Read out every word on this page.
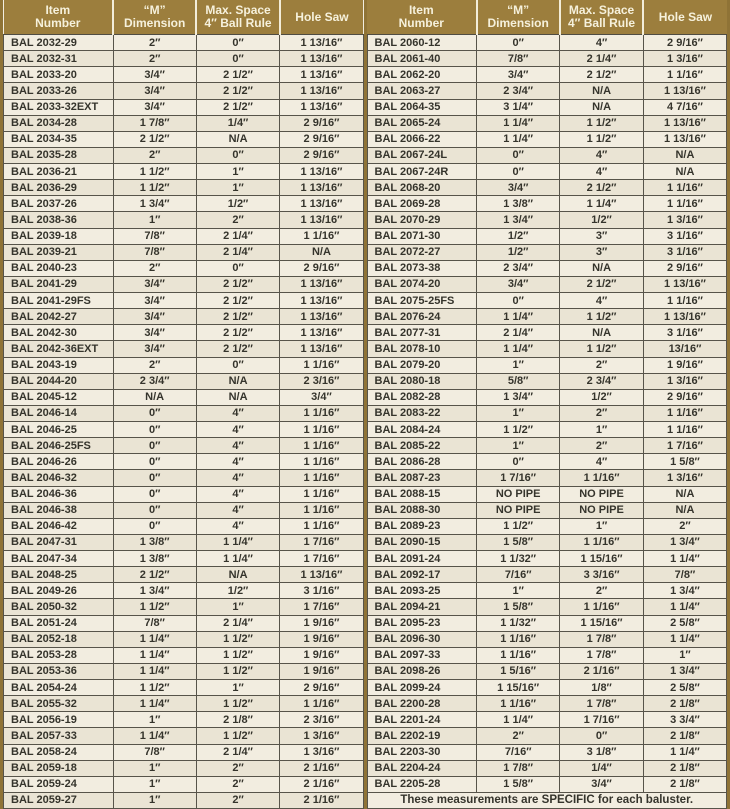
Item Number	“M” Dimension	Max. Space 4″ Ball Rule	Hole Saw
BAL 2032-29	2″	0″	1 13/16″
BAL 2032-31	2″	0″	1 13/16″
BAL 2033-20	3/4″	2 1/2″	1 13/16″
BAL 2033-26	3/4″	2 1/2″	1 13/16″
BAL 2033-32EXT	3/4″	2 1/2″	1 13/16″
BAL 2034-28	1 7/8″	1/4″	2 9/16″
BAL 2034-35	2 1/2″	N/A	2 9/16″
BAL 2035-28	2″	0″	2 9/16″
BAL 2036-21	1 1/2″	1″	1 13/16″
BAL 2036-29	1 1/2″	1″	1 13/16″
BAL 2037-26	1 3/4″	1/2″	1 13/16″
BAL 2038-36	1″	2″	1 13/16″
BAL 2039-18	7/8″	2 1/4″	1 1/16″
BAL 2039-21	7/8″	2 1/4″	N/A
BAL 2040-23	2″	0″	2 9/16″
BAL 2041-29	3/4″	2 1/2″	1 13/16″
BAL 2041-29FS	3/4″	2 1/2″	1 13/16″
BAL 2042-27	3/4″	2 1/2″	1 13/16″
BAL 2042-30	3/4″	2 1/2″	1 13/16″
BAL 2042-36EXT	3/4″	2 1/2″	1 13/16″
BAL 2043-19	2″	0″	1 1/16″
BAL 2044-20	2 3/4″	N/A	2 3/16″
BAL 2045-12	N/A	N/A	3/4″
BAL 2046-14	0″	4″	1 1/16″
BAL 2046-25	0″	4″	1 1/16″
BAL 2046-25FS	0″	4″	1 1/16″
BAL 2046-26	0″	4″	1 1/16″
BAL 2046-32	0″	4″	1 1/16″
BAL 2046-36	0″	4″	1 1/16″
BAL 2046-38	0″	4″	1 1/16″
BAL 2046-42	0″	4″	1 1/16″
BAL 2047-31	1 3/8″	1 1/4″	1 7/16″
BAL 2047-34	1 3/8″	1 1/4″	1 7/16″
BAL 2048-25	2 1/2″	N/A	1 13/16″
BAL 2049-26	1 3/4″	1/2″	3 1/16″
BAL 2050-32	1 1/2″	1″	1 7/16″
BAL 2051-24	7/8″	2 1/4″	1 9/16″
BAL 2052-18	1 1/4″	1 1/2″	1 9/16″
BAL 2053-28	1 1/4″	1 1/2″	1 9/16″
BAL 2053-36	1 1/4″	1 1/2″	1 9/16″
BAL 2054-24	1 1/2″	1″	2 9/16″
BAL 2055-32	1 1/4″	1 1/2″	1 1/16″
BAL 2056-19	1″	2 1/8″	2 3/16″
BAL 2057-33	1 1/4″	1 1/2″	1 3/16″
BAL 2058-24	7/8″	2 1/4″	1 3/16″
BAL 2059-18	1″	2″	2 1/16″
BAL 2059-24	1″	2″	2 1/16″
BAL 2059-27	1″	2″	2 1/16″
Item Number	“M” Dimension	Max. Space 4″ Ball Rule	Hole Saw
BAL 2060-12	0″	4″	2 9/16″
BAL 2061-40	7/8″	2 1/4″	1 3/16″
BAL 2062-20	3/4″	2 1/2″	1 1/16″
BAL 2063-27	2 3/4″	N/A	1 13/16″
BAL 2064-35	3 1/4″	N/A	4 7/16″
BAL 2065-24	1 1/4″	1 1/2″	1 13/16″
BAL 2066-22	1 1/4″	1 1/2″	1 13/16″
BAL 2067-24L	0″	4″	N/A
BAL 2067-24R	0″	4″	N/A
BAL 2068-20	3/4″	2 1/2″	1 1/16″
BAL 2069-28	1 3/8″	1 1/4″	1 1/16″
BAL 2070-29	1 3/4″	1/2″	1 3/16″
BAL 2071-30	1/2″	3″	3 1/16″
BAL 2072-27	1/2″	3″	3 1/16″
BAL 2073-38	2 3/4″	N/A	2 9/16″
BAL 2074-20	3/4″	2 1/2″	1 13/16″
BAL 2075-25FS	0″	4″	1 1/16″
BAL 2076-24	1 1/4″	1 1/2″	1 13/16″
BAL 2077-31	2 1/4″	N/A	3 1/16″
BAL 2078-10	1 1/4″	1 1/2″	13/16″
BAL 2079-20	1″	2″	1 9/16″
BAL 2080-18	5/8″	2 3/4″	1 3/16″
BAL 2082-28	1 3/4″	1/2″	2 9/16″
BAL 2083-22	1″	2″	1 1/16″
BAL 2084-24	1 1/2″	1″	1 1/16″
BAL 2085-22	1″	2″	1 7/16″
BAL 2086-28	0″	4″	1 5/8″
BAL 2087-23	1 7/16″	1 1/16″	1 3/16″
BAL 2088-15	NO PIPE	NO PIPE	N/A
BAL 2088-30	NO PIPE	NO PIPE	N/A
BAL 2089-23	1 1/2″	1″	2″
BAL 2090-15	1 5/8″	1 1/16″	1 3/4″
BAL 2091-24	1 1/32″	1 15/16″	1 1/4″
BAL 2092-17	7/16″	3 3/16″	7/8″
BAL 2093-25	1″	2″	1 3/4″
BAL 2094-21	1 5/8″	1 1/16″	1 1/4″
BAL 2095-23	1 1/32″	1 15/16″	2 5/8″
BAL 2096-30	1 1/16″	1 7/8″	1 1/4″
BAL 2097-33	1 1/16″	1 7/8″	1″
BAL 2098-26	1 5/16″	2 1/16″	1 3/4″
BAL 2099-24	1 15/16″	1/8″	2 5/8″
BAL 2200-28	1 1/16″	1 7/8″	2 1/8″
BAL 2201-24	1 1/4″	1 7/16″	3 3/4″
BAL 2202-19	2″	0″	2 1/8″
BAL 2203-30	7/16″	3 1/8″	1 1/4″
BAL 2204-24	1 7/8″	1/4″	2 1/8″
BAL 2205-28	1 5/8″	3/4″	2 1/8″
These measurements are SPECIFIC for each baluster.			
